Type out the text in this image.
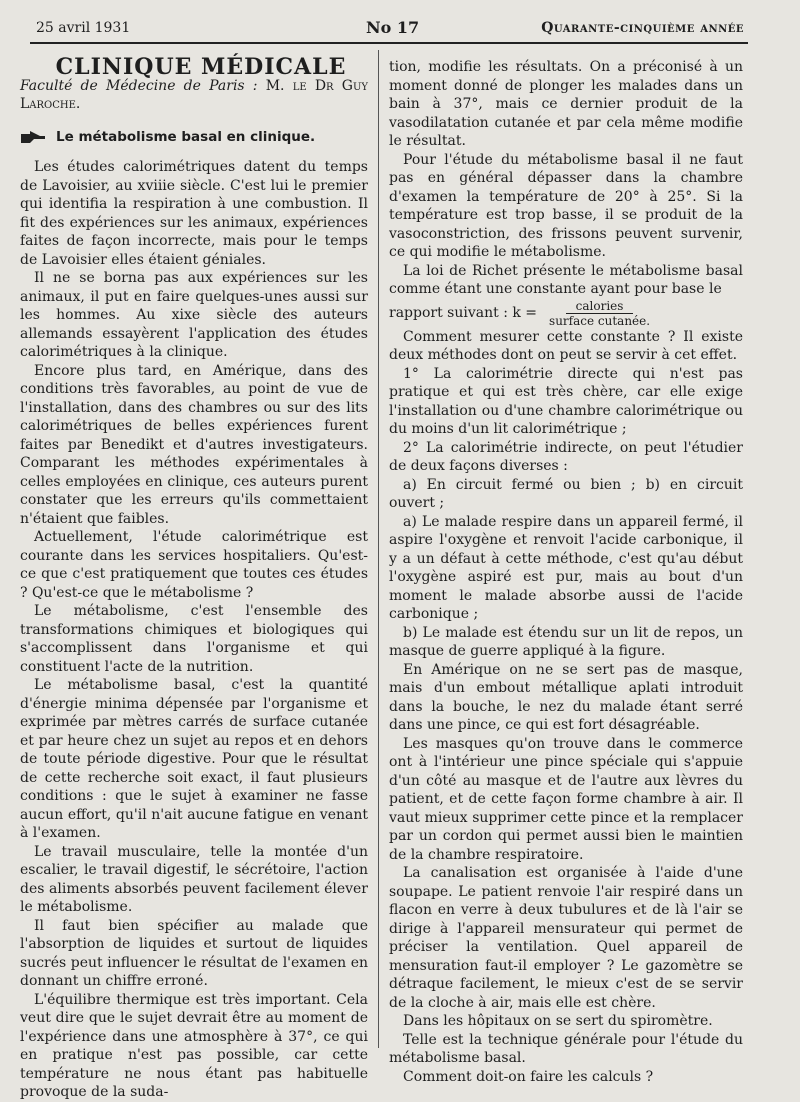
25 avril 1931	No 17	Quarante-cinquième année

CLINIQUE MÉDICALE

Faculté de Médecine de Paris : M. le Dr Guy Laroche.

Le métabolisme basal en clinique.

Les études calorimétriques datent du temps de Lavoisier, au xviiie siècle. C'est lui le premier qui identifia la respiration à une combustion. Il fit des expériences sur les animaux, expériences faites de façon incorrecte, mais pour le temps de Lavoisier elles étaient géniales.

Il ne se borna pas aux expériences sur les animaux, il put en faire quelques-unes aussi sur les hommes. Au xixe siècle des auteurs allemands essayèrent l'application des études calorimétriques à la clinique.

Encore plus tard, en Amérique, dans des conditions très favorables, au point de vue de l'installation, dans des chambres ou sur des lits calorimétriques de belles expériences furent faites par Benedikt et d'autres investigateurs. Comparant les méthodes expérimentales à celles employées en clinique, ces auteurs purent constater que les erreurs qu'ils commettaient n'étaient que faibles.

Actuellement, l'étude calorimétrique est courante dans les services hospitaliers. Qu'est-ce que c'est pratiquement que toutes ces études ? Qu'est-ce que le métabolisme ?

Le métabolisme, c'est l'ensemble des transformations chimiques et biologiques qui s'accomplissent dans l'organisme et qui constituent l'acte de la nutrition.

Le métabolisme basal, c'est la quantité d'énergie minima dépensée par l'organisme et exprimée par mètres carrés de surface cutanée et par heure chez un sujet au repos et en dehors de toute période digestive. Pour que le résultat de cette recherche soit exact, il faut plusieurs conditions : que le sujet à examiner ne fasse aucun effort, qu'il n'ait aucune fatigue en venant à l'examen.

Le travail musculaire, telle la montée d'un escalier, le travail digestif, le sécrétoire, l'action des aliments absorbés peuvent facilement élever le métabolisme.

Il faut bien spécifier au malade que l'absorption de liquides et surtout de liquides sucrés peut influencer le résultat de l'examen en donnant un chiffre erroné.

L'équilibre thermique est très important. Cela veut dire que le sujet devrait être au moment de l'expérience dans une atmosphère à 37°, ce qui en pratique n'est pas possible, car cette température ne nous étant pas habituelle provoque de la suda-

tion, modifie les résultats. On a préconisé à un moment donné de plonger les malades dans un bain à 37°, mais ce dernier produit de la vasodilatation cutanée et par cela même modifie le résultat.

Pour l'étude du métabolisme basal il ne faut pas en général dépasser dans la chambre d'examen la température de 20° à 25°. Si la température est trop basse, il se produit de la vasoconstriction, des frissons peuvent survenir, ce qui modifie le métabolisme.

La loi de Richet présente le métabolisme basal comme étant une constante ayant pour base le

rapport suivant : $k = \frac{\text{calories}}{\text{surface cutanée.}}$

Comment mesurer cette constante ? Il existe deux méthodes dont on peut se servir à cet effet.

1° La calorimétrie directe qui n'est pas pratique et qui est très chère, car elle exige l'installation ou d'une chambre calorimétrique ou du moins d'un lit calorimétrique ;

2° La calorimétrie indirecte, on peut l'étudier de deux façons diverses :

a) En circuit fermé ou bien ; b) en circuit ouvert ;

a) Le malade respire dans un appareil fermé, il aspire l'oxygène et renvoit l'acide carbonique, il y a un défaut à cette méthode, c'est qu'au début l'oxygène aspiré est pur, mais au bout d'un moment le malade absorbe aussi de l'acide carbonique ;

b) Le malade est étendu sur un lit de repos, un masque de guerre appliqué à la figure.

En Amérique on ne se sert pas de masque, mais d'un embout métallique aplati introduit dans la bouche, le nez du malade étant serré dans une pince, ce qui est fort désagréable.

Les masques qu'on trouve dans le commerce ont à l'intérieur une pince spéciale qui s'appuie d'un côté au masque et de l'autre aux lèvres du patient, et de cette façon forme chambre à air. Il vaut mieux supprimer cette pince et la remplacer par un cordon qui permet aussi bien le maintien de la chambre respiratoire.

La canalisation est organisée à l'aide d'une soupape. Le patient renvoie l'air respiré dans un flacon en verre à deux tubulures et de là l'air se dirige à l'appareil mensurateur qui permet de préciser la ventilation. Quel appareil de mensuration faut-il employer ? Le gazomètre se détraque facilement, le mieux c'est de se servir de la cloche à air, mais elle est chère.

Dans les hôpitaux on se sert du spiromètre.

Telle est la technique générale pour l'étude du métabolisme basal.

Comment doit-on faire les calculs ?
